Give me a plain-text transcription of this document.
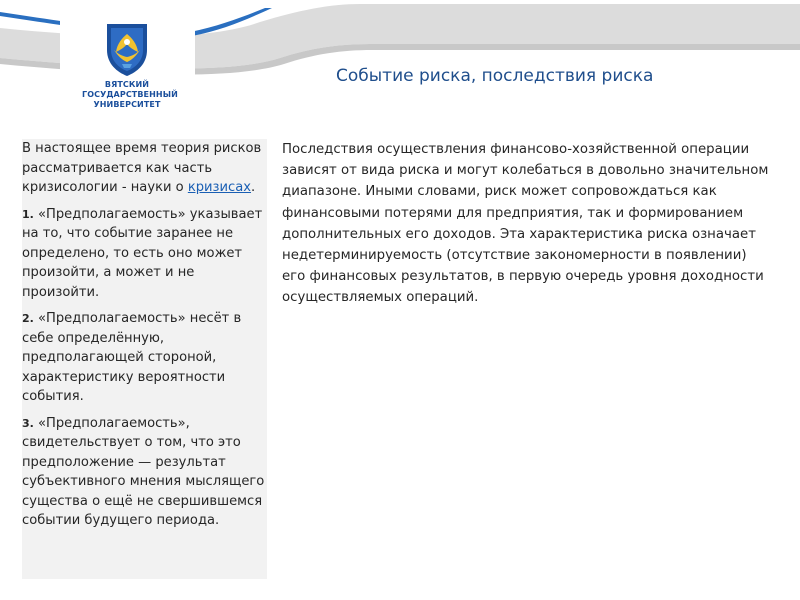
ВЯТСКИЙ
ГОСУДАРСТВЕННЫЙ
УНИВЕРСИТЕТ
Событие риска, последствия риска

В настоящее время теория рисков рассматривается как часть кризисологии - науки о кризисах.

1. «Предполагаемость» указывает на то, что событие заранее не определено, то есть оно может произойти, а может и не произойти.

2. «Предполагаемость» несёт в себе определённую, предполагающей стороной, характеристику вероятности события.

3. «Предполагаемость», свидетельствует о том, что это предположение — результат субъективного мнения мыслящего существа о ещё не свершившемся событии будущего периода.

Последствия осуществления финансово-хозяйственной операции зависят от вида риска и могут колебаться в довольно значительном диапазоне. Иными словами, риск может сопровождаться как финансовыми потерями для предприятия, так и формированием дополнительных его доходов. Эта характеристика риска означает недетерминируемость (отсутствие закономерности в появлении) его финансовых результатов, в первую очередь уровня доходности осуществляемых операций.
